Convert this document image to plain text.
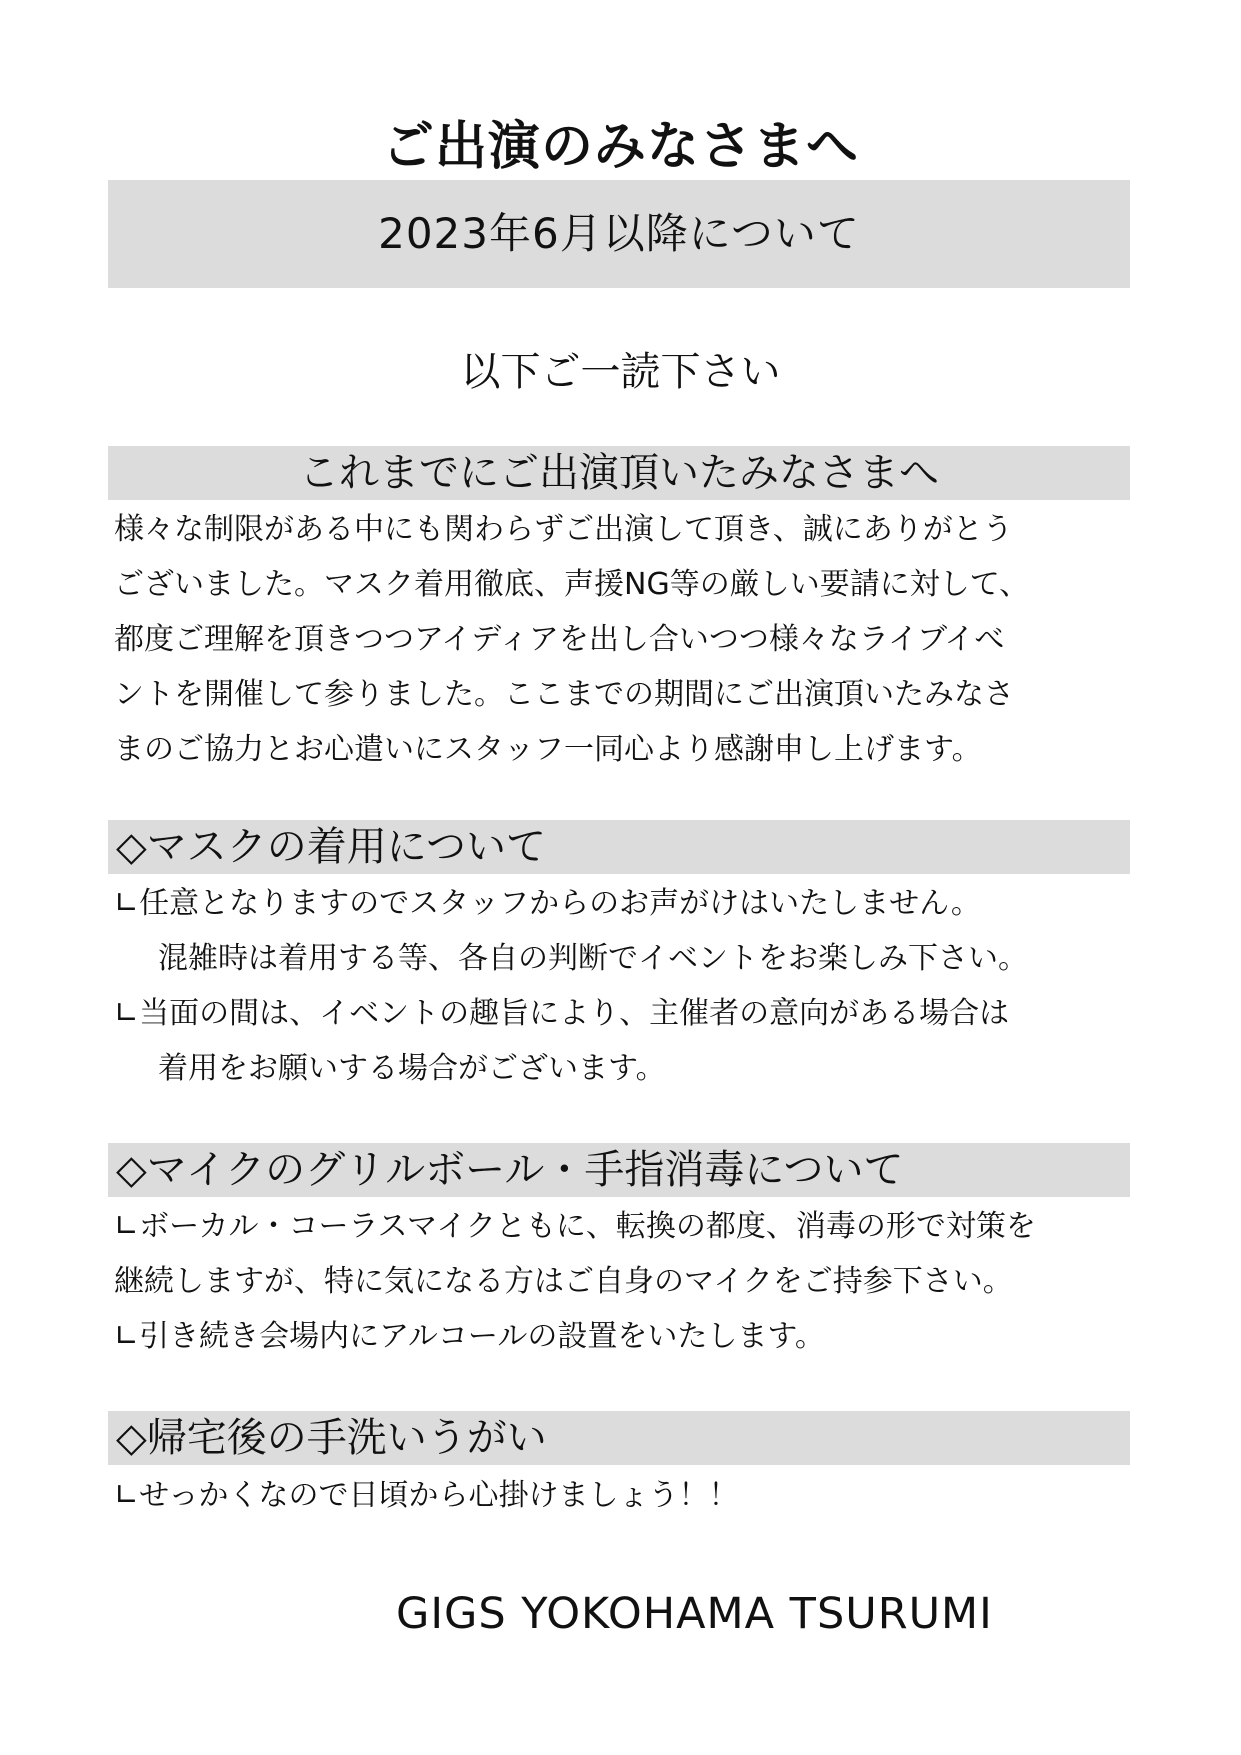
ご出演のみなさまへ
2023年6月以降について
以下ご一読下さい
これまでにご出演頂いたみなさまへ
様々な制限がある中にも関わらずご出演して頂き、誠にありがとう
ございました。マスク着用徹底、声援NG等の厳しい要請に対して、
都度ご理解を頂きつつアイディアを出し合いつつ様々なライブイべ
ントを開催して参りました。ここまでの期間にご出演頂いたみなさ
まのご協力とお心遣いにスタッフ一同心より感謝申し上げます。
◇マスクの着用について
∟任意となりますのでスタッフからのお声がけはいたしません。
混雑時は着用する等、各自の判断でイベントをお楽しみ下さい。
∟当面の間は、イベントの趣旨により、主催者の意向がある場合は
着用をお願いする場合がございます。
◇マイクのグリルボール・手指消毒について
∟ボーカル・コーラスマイクともに、転換の都度、消毒の形で対策を
継続しますが、特に気になる方はご自身のマイクをご持参下さい。
∟引き続き会場内にアルコールの設置をいたします。
◇帰宅後の手洗いうがい
∟せっかくなので日頃から心掛けましょう！！
GIGS YOKOHAMA TSURUMI
